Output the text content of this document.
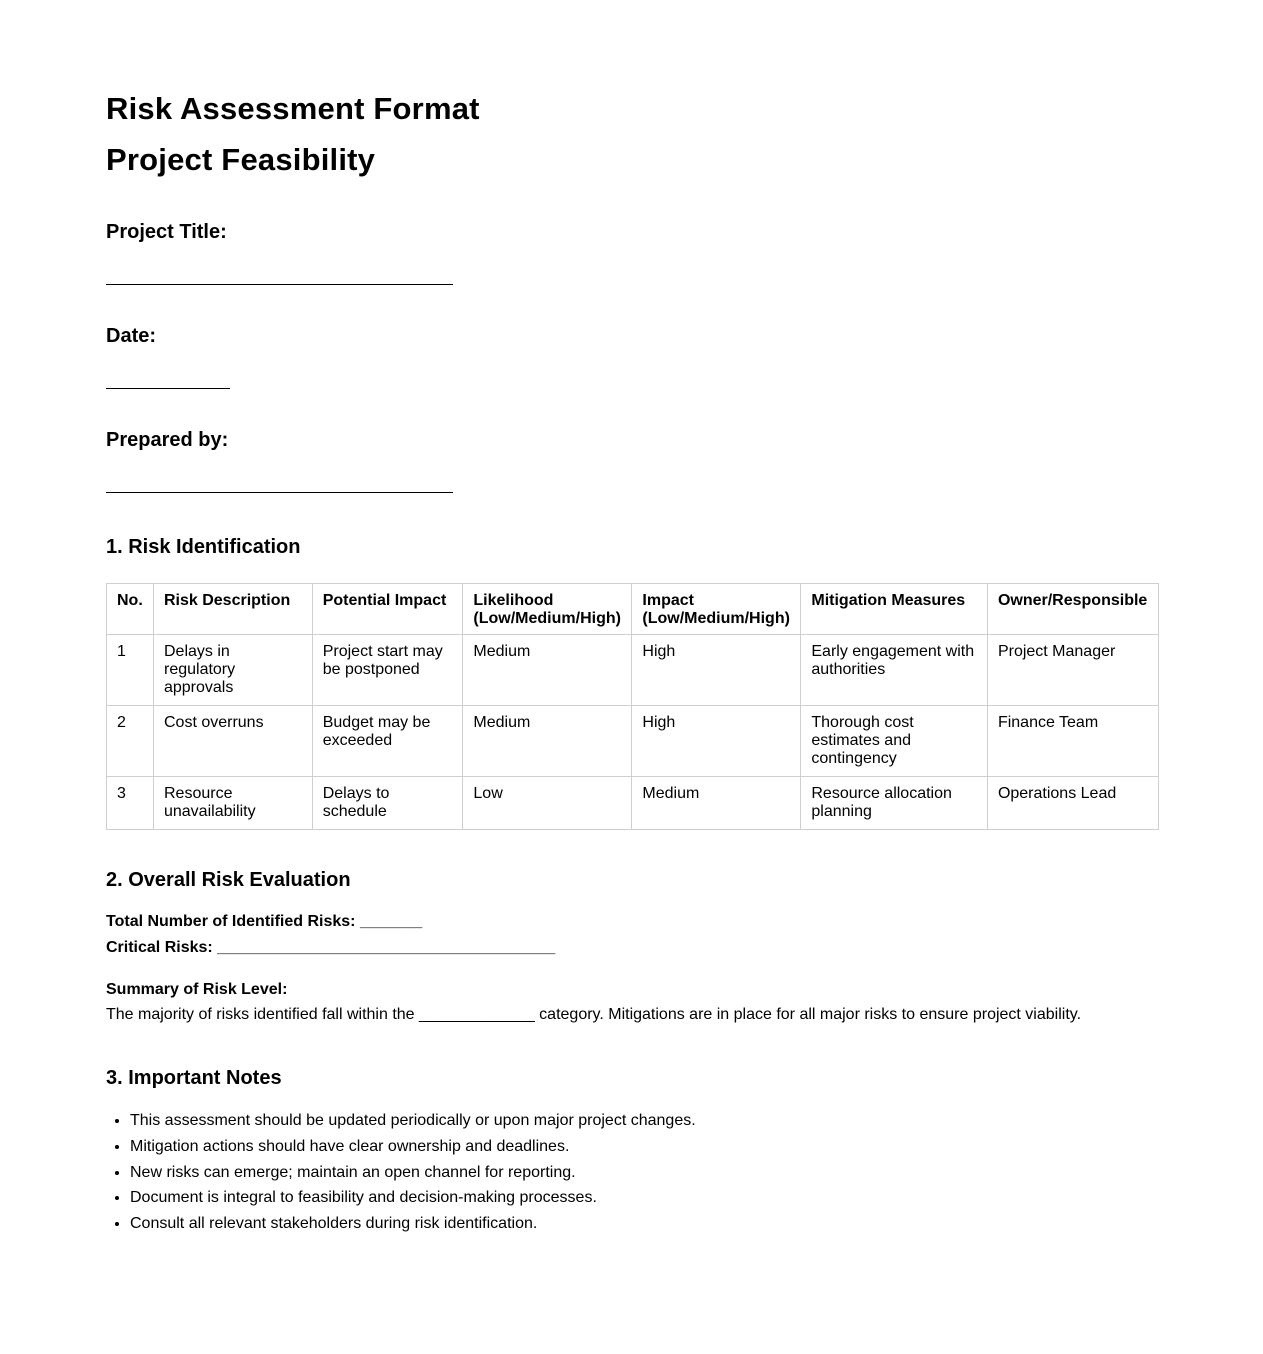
Risk Assessment Format
Project Feasibility

Project Title:

Date:

Prepared by:

1. Risk Identification
No.	Risk Description	Potential Impact	Likelihood (Low/Medium/High)	Impact (Low/Medium/High)	Mitigation Measures	Owner/Responsible
1	Delays in regulatory approvals	Project start may be postponed	Medium	High	Early engagement with authorities	Project Manager
2	Cost overruns	Budget may be exceeded	Medium	High	Thorough cost estimates and contingency	Finance Team
3	Resource unavailability	Delays to schedule	Low	Medium	Resource allocation planning	Operations Lead
2. Overall Risk Evaluation
Total Number of Identified Risks: _______
Critical Risks: ______________________________________
Summary of Risk Level:
The majority of risks identified fall within the _____________ category. Mitigations are in place for all major risks to ensure project viability.
3. Important Notes
• This assessment should be updated periodically or upon major project changes.
• Mitigation actions should have clear ownership and deadlines.
• New risks can emerge; maintain an open channel for reporting.
• Document is integral to feasibility and decision-making processes.
• Consult all relevant stakeholders during risk identification.
